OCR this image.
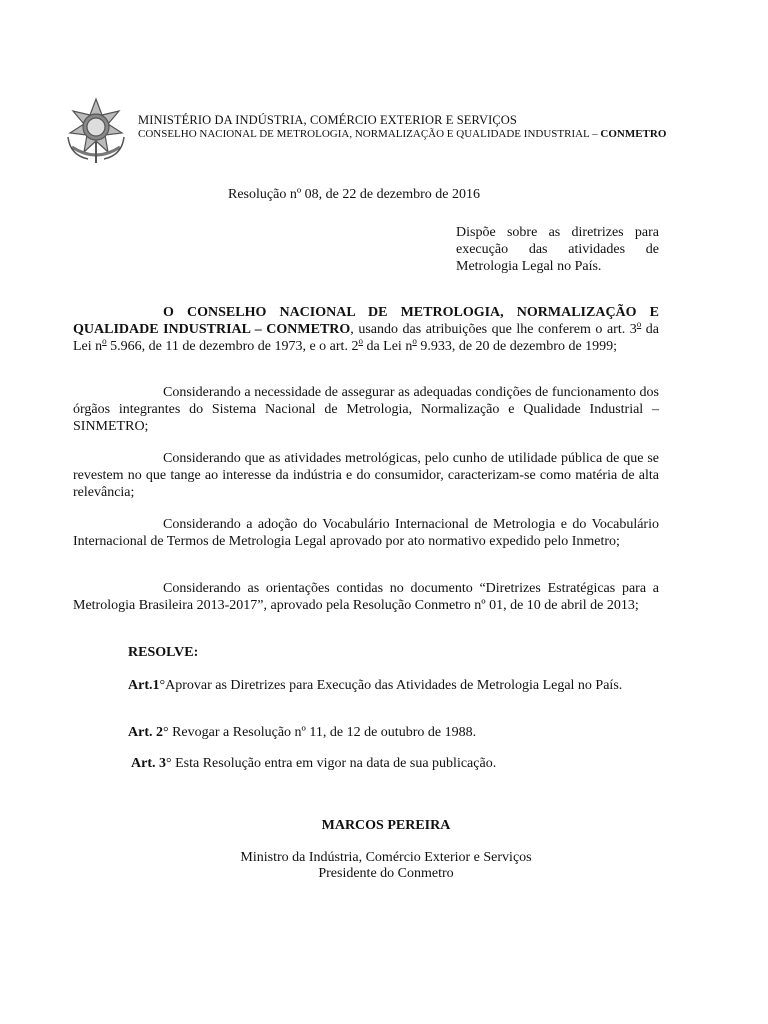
MINISTÉRIO DA INDÚSTRIA, COMÉRCIO EXTERIOR E SERVIÇOS
CONSELHO NACIONAL DE METROLOGIA, NORMALIZAÇÃO E QUALIDADE INDUSTRIAL – CONMETRO
Resolução nº 08, de 22 de dezembro de 2016
Dispõe sobre as diretrizes para execução das atividades de Metrologia Legal no País.
O CONSELHO NACIONAL DE METROLOGIA, NORMALIZAÇÃO E QUALIDADE INDUSTRIAL – CONMETRO, usando das atribuições que lhe conferem o art. 3$^o$ da Lei $n^o$ 5.966, de 11 de dezembro de 1973, e o art. 2$^o$ da Lei $n^o$ 9.933, de 20 de dezembro de 1999;
Considerando a necessidade de assegurar as adequadas condições de funcionamento dos órgãos integrantes do Sistema Nacional de Metrologia, Normalização e Qualidade Industrial – SINMETRO;
Considerando que as atividades metrológicas, pelo cunho de utilidade pública de que se revestem no que tange ao interesse da indústria e do consumidor, caracterizam-se como matéria de alta relevância;
Considerando a adoção do Vocabulário Internacional de Metrologia e do Vocabulário Internacional de Termos de Metrologia Legal aprovado por ato normativo expedido pelo Inmetro;
Considerando as orientações contidas no documento “Diretrizes Estratégicas para a Metrologia Brasileira 2013-2017”, aprovado pela Resolução Conmetro nº 01, de 10 de abril de 2013;
RESOLVE:
Art.1°Aprovar as Diretrizes para Execução das Atividades de Metrologia Legal no País.
Art. 2° Revogar a Resolução nº 11, de 12 de outubro de 1988.
Art. 3° Esta Resolução entra em vigor na data de sua publicação.
MARCOS PEREIRA
Ministro da Indústria, Comércio Exterior e Serviços
Presidente do Conmetro
